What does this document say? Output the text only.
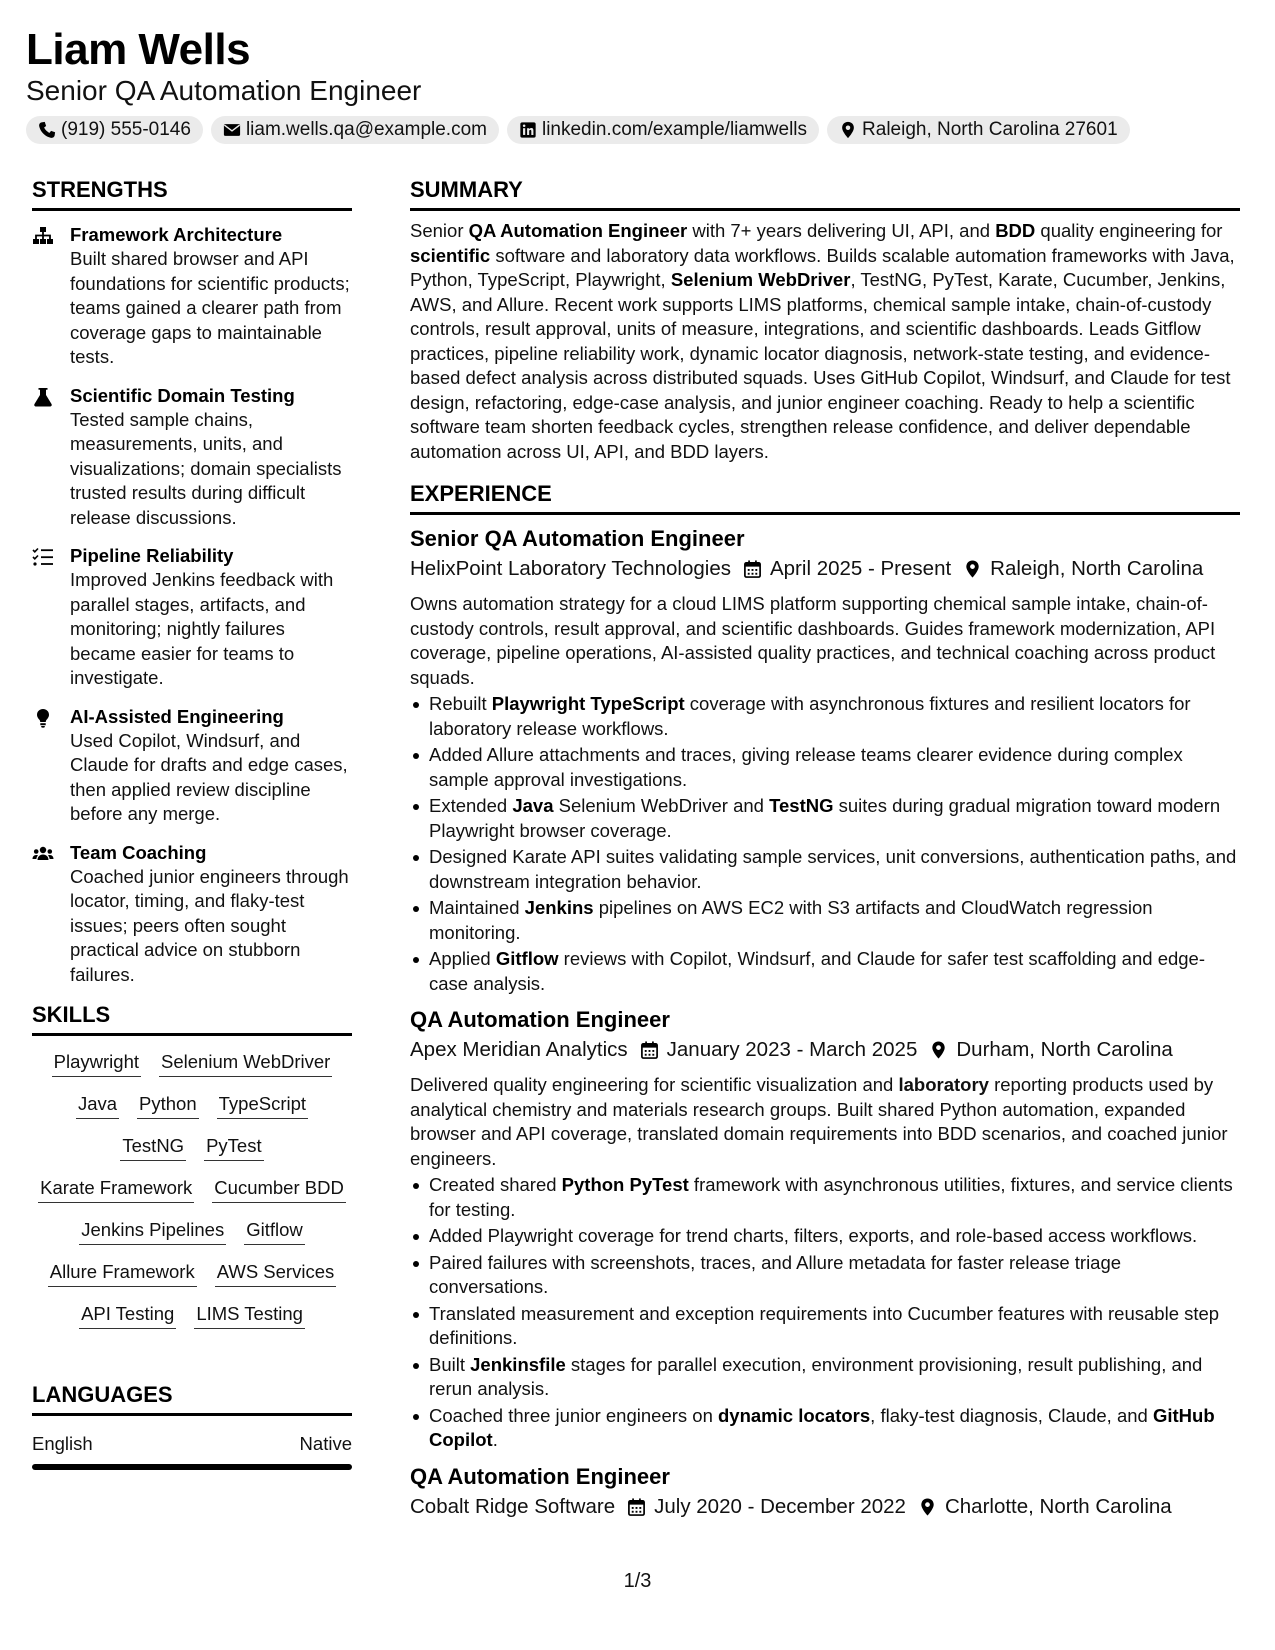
Liam Wells
Senior QA Automation Engineer
(919) 555-0146	liam.wells.qa@example.com	linkedin.com/example/liamwells	Raleigh, North Carolina 27601
STRENGTHS
Framework Architecture
Built shared browser and API foundations for scientific products; teams gained a clearer path from coverage gaps to maintainable tests.
Scientific Domain Testing
Tested sample chains, measurements, units, and visualizations; domain specialists trusted results during difficult release discussions.
Pipeline Reliability
Improved Jenkins feedback with parallel stages, artifacts, and monitoring; nightly failures became easier for teams to investigate.
AI-Assisted Engineering
Used Copilot, Windsurf, and Claude for drafts and edge cases, then applied review discipline before any merge.
Team Coaching
Coached junior engineers through locator, timing, and flaky-test issues; peers often sought practical advice on stubborn failures.
SKILLS
Playwright Selenium WebDriver
Java Python TypeScript
TestNG PyTest
Karate Framework Cucumber BDD
Jenkins Pipelines Gitflow
Allure Framework AWS Services
API Testing LIMS Testing
LANGUAGES
English	Native
SUMMARY
Senior QA Automation Engineer with 7+ years delivering UI, API, and BDD quality engineering for scientific software and laboratory data workflows. Builds scalable automation frameworks with Java, Python, TypeScript, Playwright, Selenium WebDriver, TestNG, PyTest, Karate, Cucumber, Jenkins, AWS, and Allure. Recent work supports LIMS platforms, chemical sample intake, chain-of-custody controls, result approval, units of measure, integrations, and scientific dashboards. Leads Gitflow practices, pipeline reliability work, dynamic locator diagnosis, network-state testing, and evidence-based defect analysis across distributed squads. Uses GitHub Copilot, Windsurf, and Claude for test design, refactoring, edge-case analysis, and junior engineer coaching. Ready to help a scientific software team shorten feedback cycles, strengthen release confidence, and deliver dependable automation across UI, API, and BDD layers.
EXPERIENCE
Senior QA Automation Engineer
HelixPoint Laboratory Technologies April 2025 - Present Raleigh, North Carolina
Owns automation strategy for a cloud LIMS platform supporting chemical sample intake, chain-of-custody controls, result approval, and scientific dashboards. Guides framework modernization, API coverage, pipeline operations, AI-assisted quality practices, and technical coaching across product squads.
Rebuilt Playwright TypeScript coverage with asynchronous fixtures and resilient locators for laboratory release workflows.
Added Allure attachments and traces, giving release teams clearer evidence during complex sample approval investigations.
Extended Java Selenium WebDriver and TestNG suites during gradual migration toward modern Playwright browser coverage.
Designed Karate API suites validating sample services, unit conversions, authentication paths, and downstream integration behavior.
Maintained Jenkins pipelines on AWS EC2 with S3 artifacts and CloudWatch regression monitoring.
Applied Gitflow reviews with Copilot, Windsurf, and Claude for safer test scaffolding and edge-case analysis.
QA Automation Engineer
Apex Meridian Analytics January 2023 - March 2025 Durham, North Carolina
Delivered quality engineering for scientific visualization and laboratory reporting products used by analytical chemistry and materials research groups. Built shared Python automation, expanded browser and API coverage, translated domain requirements into BDD scenarios, and coached junior engineers.
Created shared Python PyTest framework with asynchronous utilities, fixtures, and service clients for testing.
Added Playwright coverage for trend charts, filters, exports, and role-based access workflows.
Paired failures with screenshots, traces, and Allure metadata for faster release triage conversations.
Translated measurement and exception requirements into Cucumber features with reusable step definitions.
Built Jenkinsfile stages for parallel execution, environment provisioning, result publishing, and rerun analysis.
Coached three junior engineers on dynamic locators, flaky-test diagnosis, Claude, and GitHub Copilot.
QA Automation Engineer
Cobalt Ridge Software July 2020 - December 2022 Charlotte, North Carolina
1/3
